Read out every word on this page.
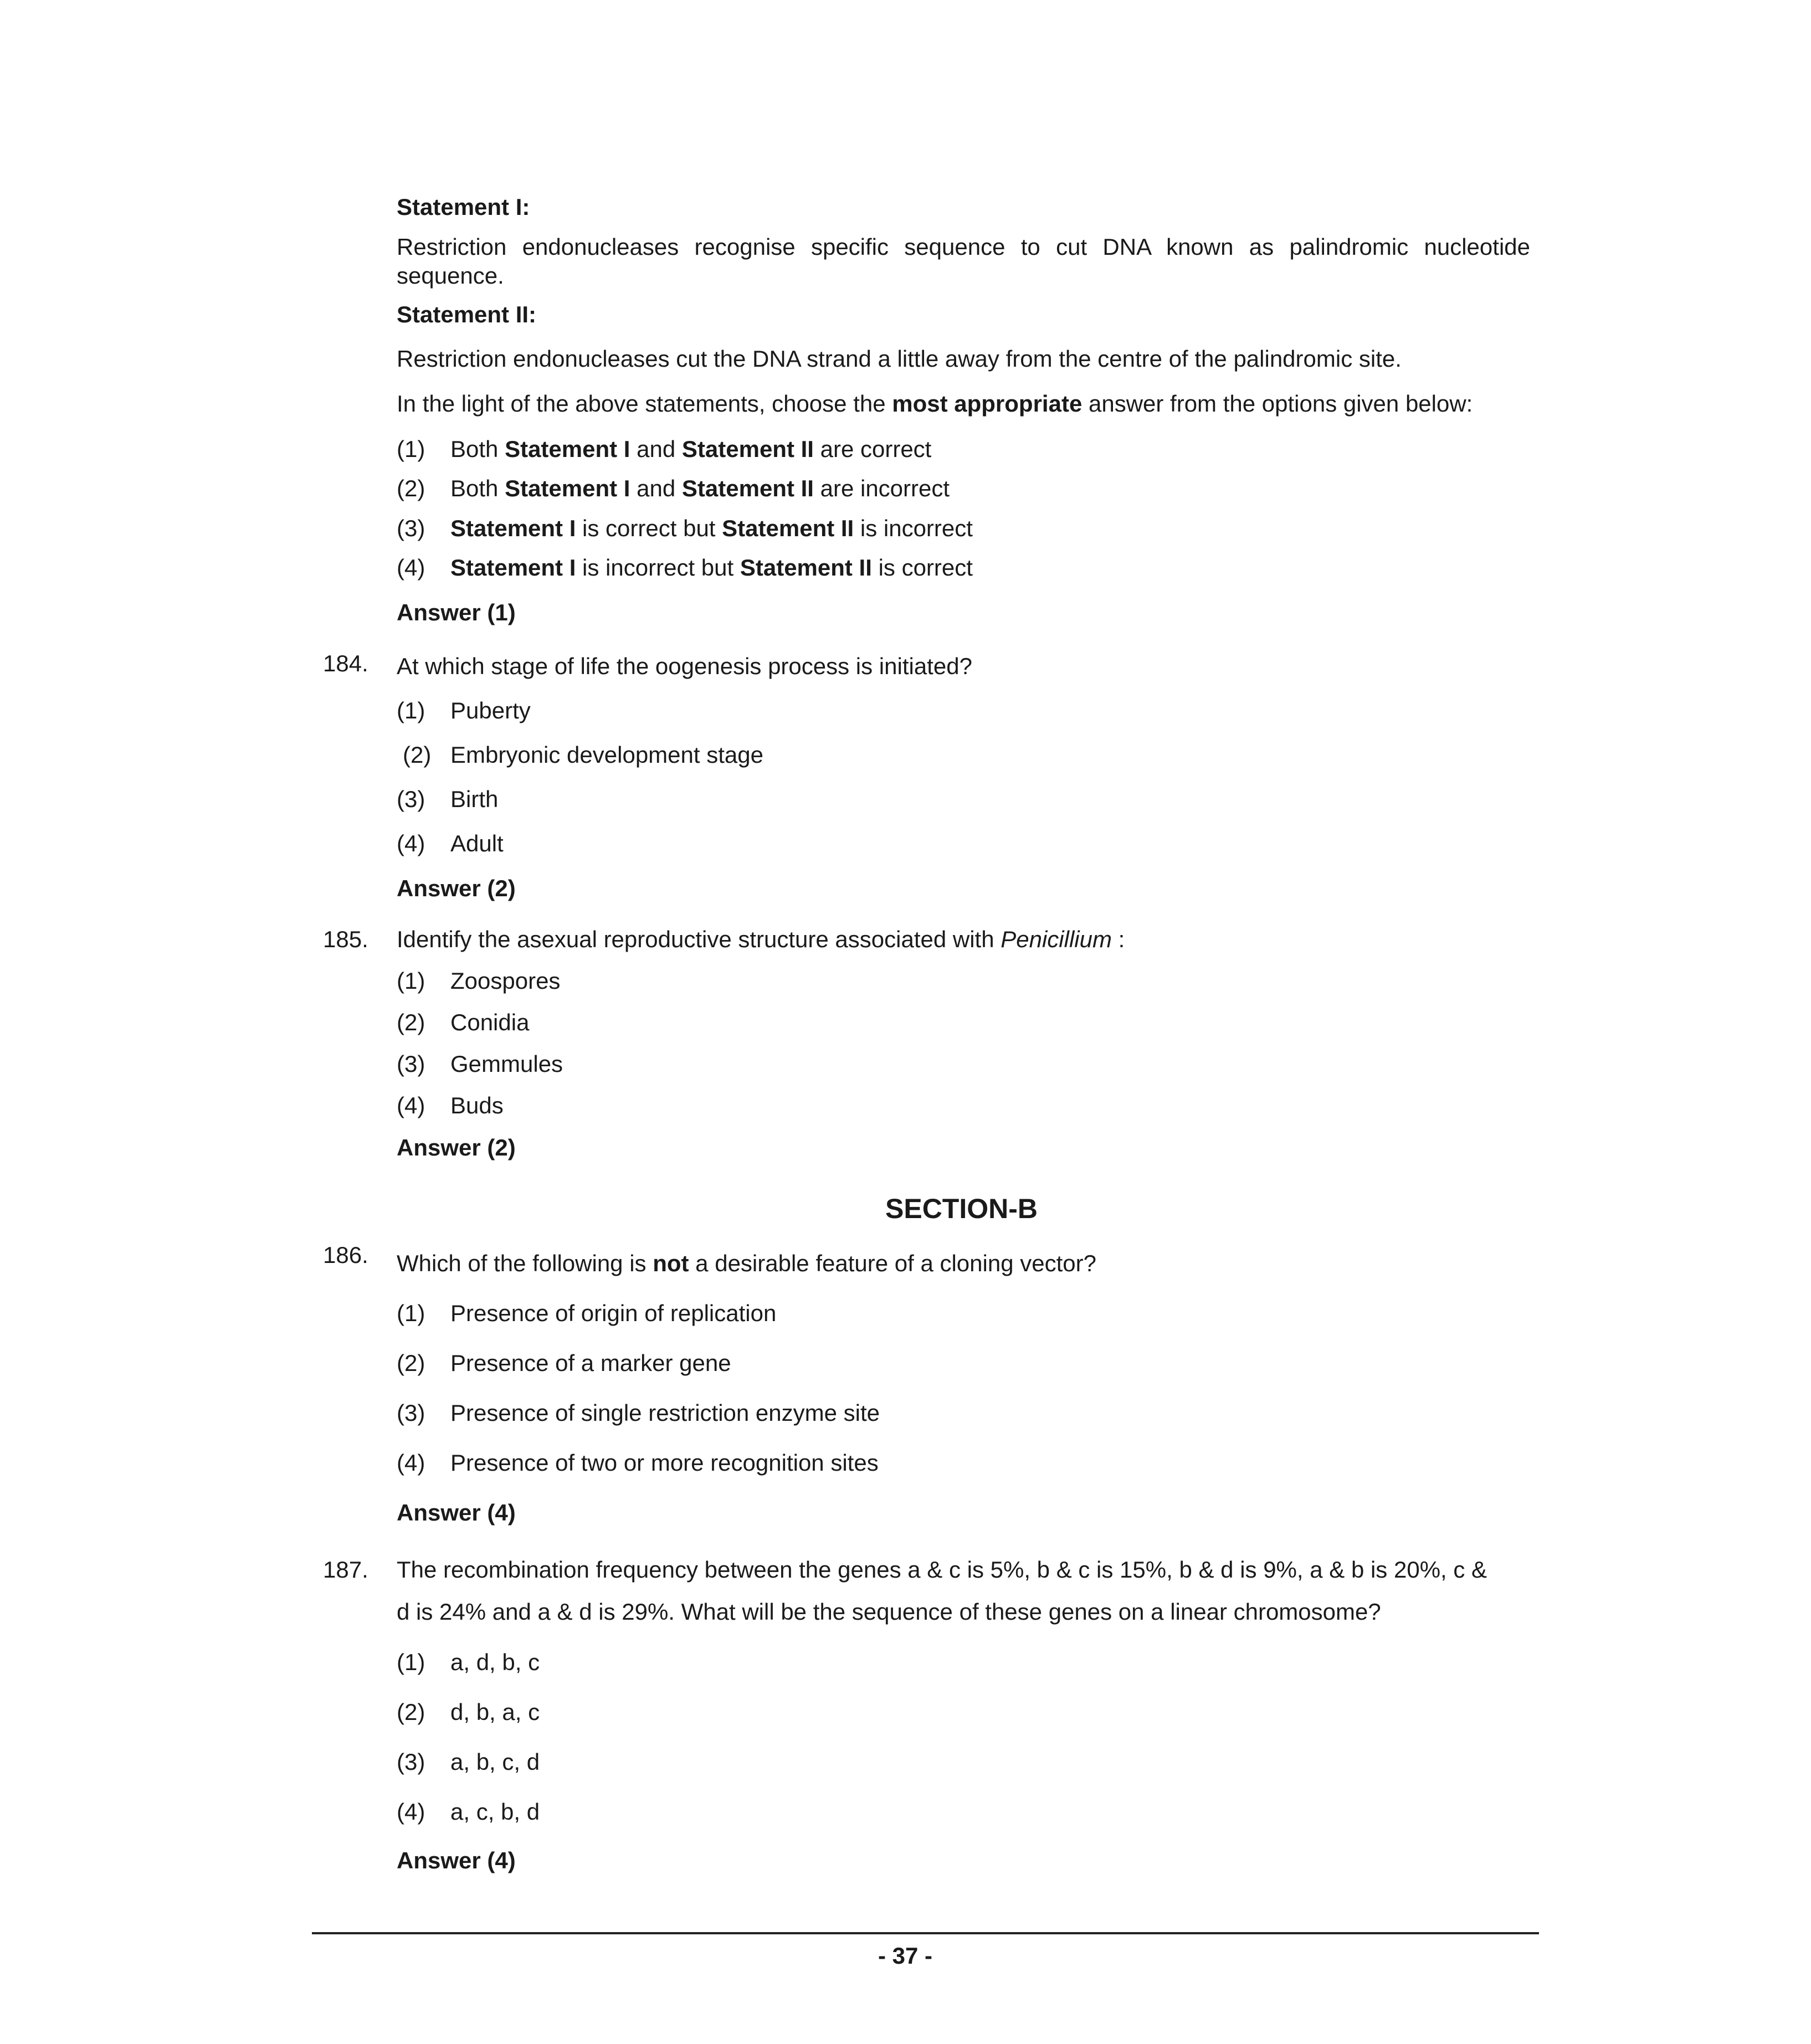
Statement I:
Restriction endonucleases recognise specific sequence to cut DNA known as palindromic nucleotide sequence.
Statement II:
Restriction endonucleases cut the DNA strand a little away from the centre of the palindromic site.
In the light of the above statements, choose the most appropriate answer from the options given below:
(1) Both Statement I and Statement II are correct
(2) Both Statement I and Statement II are incorrect
(3) Statement I is correct but Statement II is incorrect
(4) Statement I is incorrect but Statement II is correct
Answer (1)
184. At which stage of life the oogenesis process is initiated?
(1) Puberty
(2) Embryonic development stage
(3) Birth
(4) Adult
Answer (2)
185. Identify the asexual reproductive structure associated with Penicillium :
(1) Zoospores
(2) Conidia
(3) Gemmules
(4) Buds
Answer (2)
SECTION-B
186. Which of the following is not a desirable feature of a cloning vector?
(1) Presence of origin of replication
(2) Presence of a marker gene
(3) Presence of single restriction enzyme site
(4) Presence of two or more recognition sites
Answer (4)
187. The recombination frequency between the genes a & c is 5%, b & c is 15%, b & d is 9%, a & b is 20%, c &
d is 24% and a & d is 29%. What will be the sequence of these genes on a linear chromosome?
(1) a, d, b, c
(2) d, b, a, c
(3) a, b, c, d
(4) a, c, b, d
Answer (4)
- 37 -
